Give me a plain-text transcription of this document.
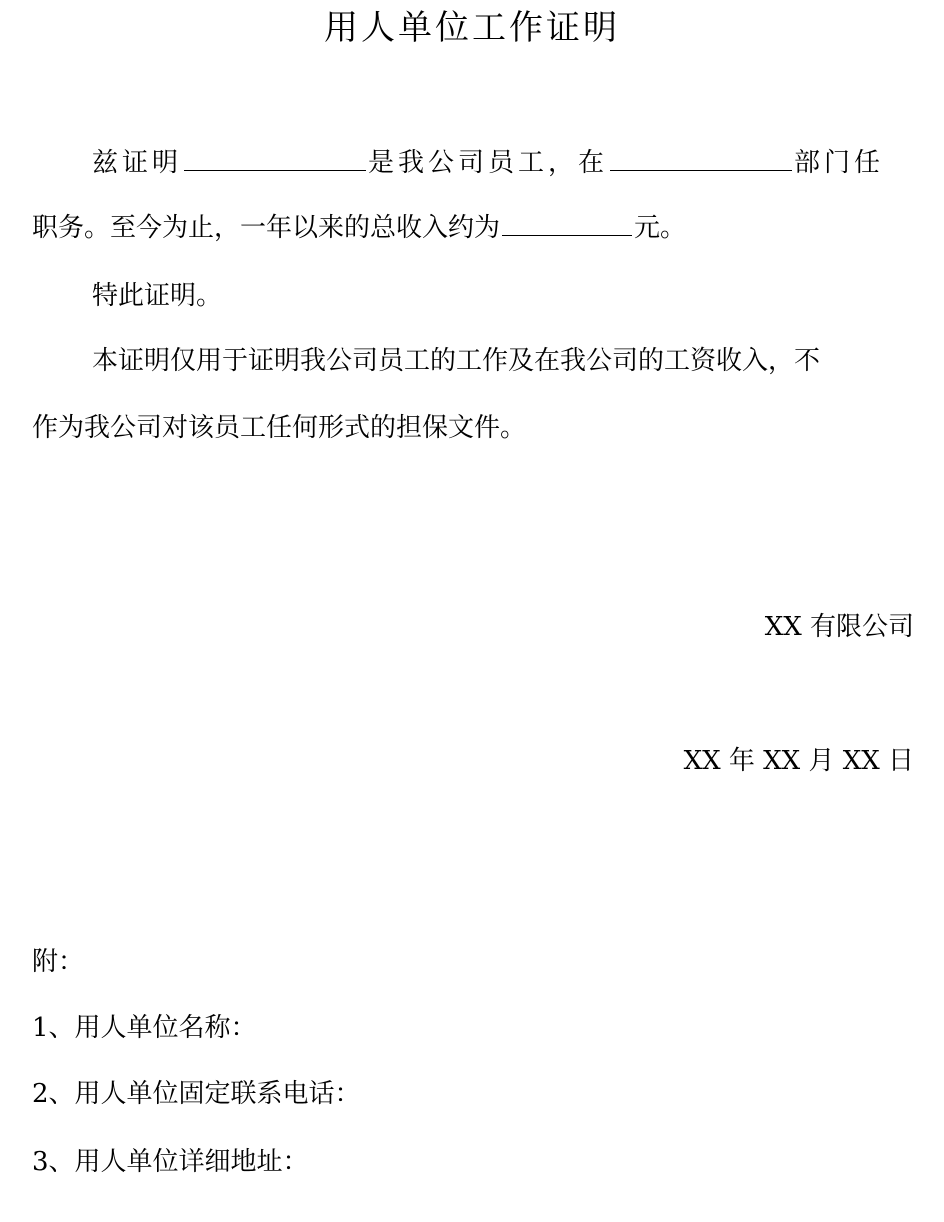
用人单位工作证明
兹证明	是我公司员工，在	部门任
职务。至今为止，一年以来的总收入约为	元。
特此证明。
本证明仅用于证明我公司员工的工作及在我公司的工资收入，不
作为我公司对该员工任何形式的担保文件。
XX 有限公司
XX 年 XX 月 XX 日
附：
1、用人单位名称：
2、用人单位固定联系电话：
3、用人单位详细地址：
